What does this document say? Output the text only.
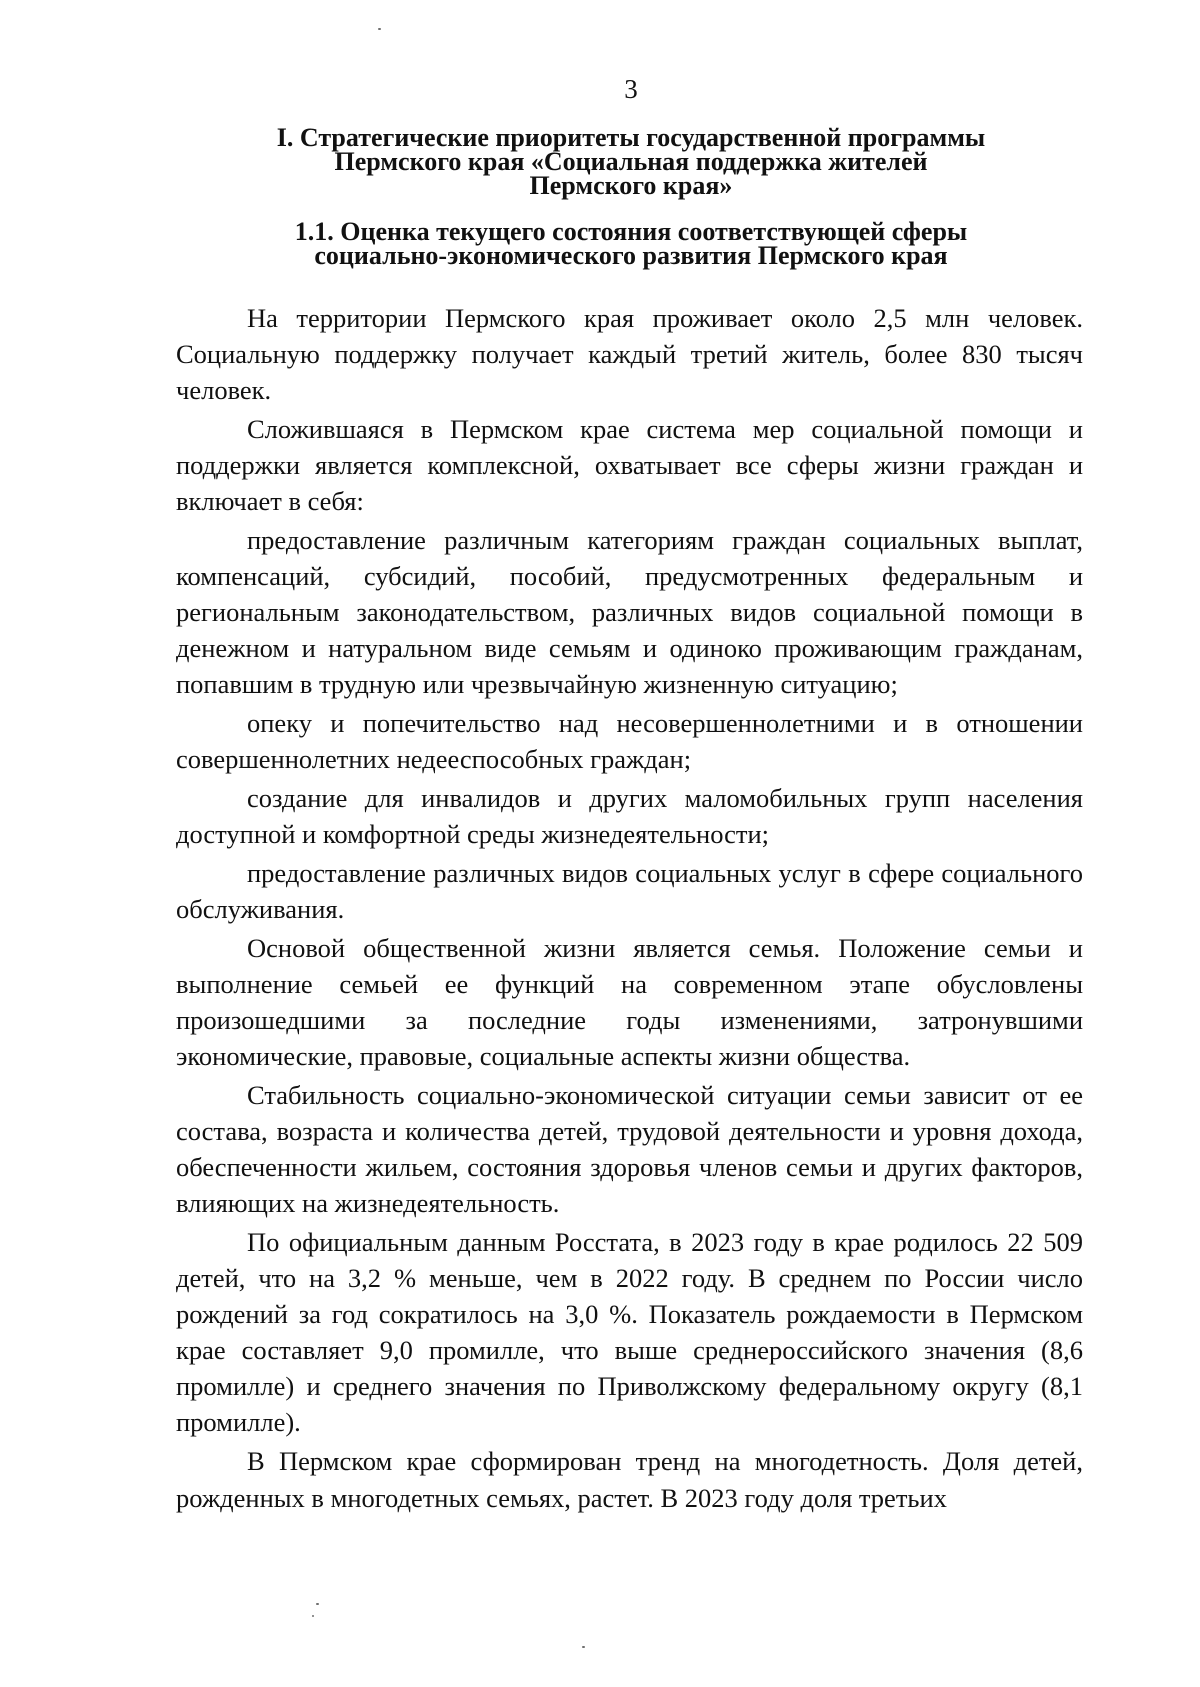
3
I. Стратегические приоритеты государственной программы
Пермского края «Социальная поддержка жителей
Пермского края»
1.1. Оценка текущего состояния соответствующей сферы
социально-экономического развития Пермского края

На территории Пермского края проживает около 2,5 млн человек. Социальную поддержку получает каждый третий житель, более 830 тысяч человек.

Сложившаяся в Пермском крае система мер социальной помощи и поддержки является комплексной, охватывает все сферы жизни граждан и включает в себя:

предоставление различным категориям граждан социальных выплат, компенсаций, субсидий, пособий, предусмотренных федеральным и региональным законодательством, различных видов социальной помощи в денежном и натуральном виде семьям и одиноко проживающим гражданам, попавшим в трудную или чрезвычайную жизненную ситуацию;

опеку и попечительство над несовершеннолетними и в отношении совершеннолетних недееспособных граждан;

создание для инвалидов и других маломобильных групп населения доступной и комфортной среды жизнедеятельности;

предоставление различных видов социальных услуг в сфере социального обслуживания.

Основой общественной жизни является семья. Положение семьи и выполнение семьей ее функций на современном этапе обусловлены произошедшими за последние годы изменениями, затронувшими экономические, правовые, социальные аспекты жизни общества.

Стабильность социально-экономической ситуации семьи зависит от ее состава, возраста и количества детей, трудовой деятельности и уровня дохода, обеспеченности жильем, состояния здоровья членов семьи и других факторов, влияющих на жизнедеятельность.

По официальным данным Росстата, в 2023 году в крае родилось 22 509 детей, что на 3,2 % меньше, чем в 2022 году. В среднем по России число рождений за год сократилось на 3,0 %. Показатель рождаемости в Пермском крае составляет 9,0 промилле, что выше среднероссийского значения (8,6 промилле) и среднего значения по Приволжскому федеральному округу (8,1 промилле).

В Пермском крае сформирован тренд на многодетность. Доля детей, рожденных в многодетных семьях, растет. В 2023 году доля третьих
